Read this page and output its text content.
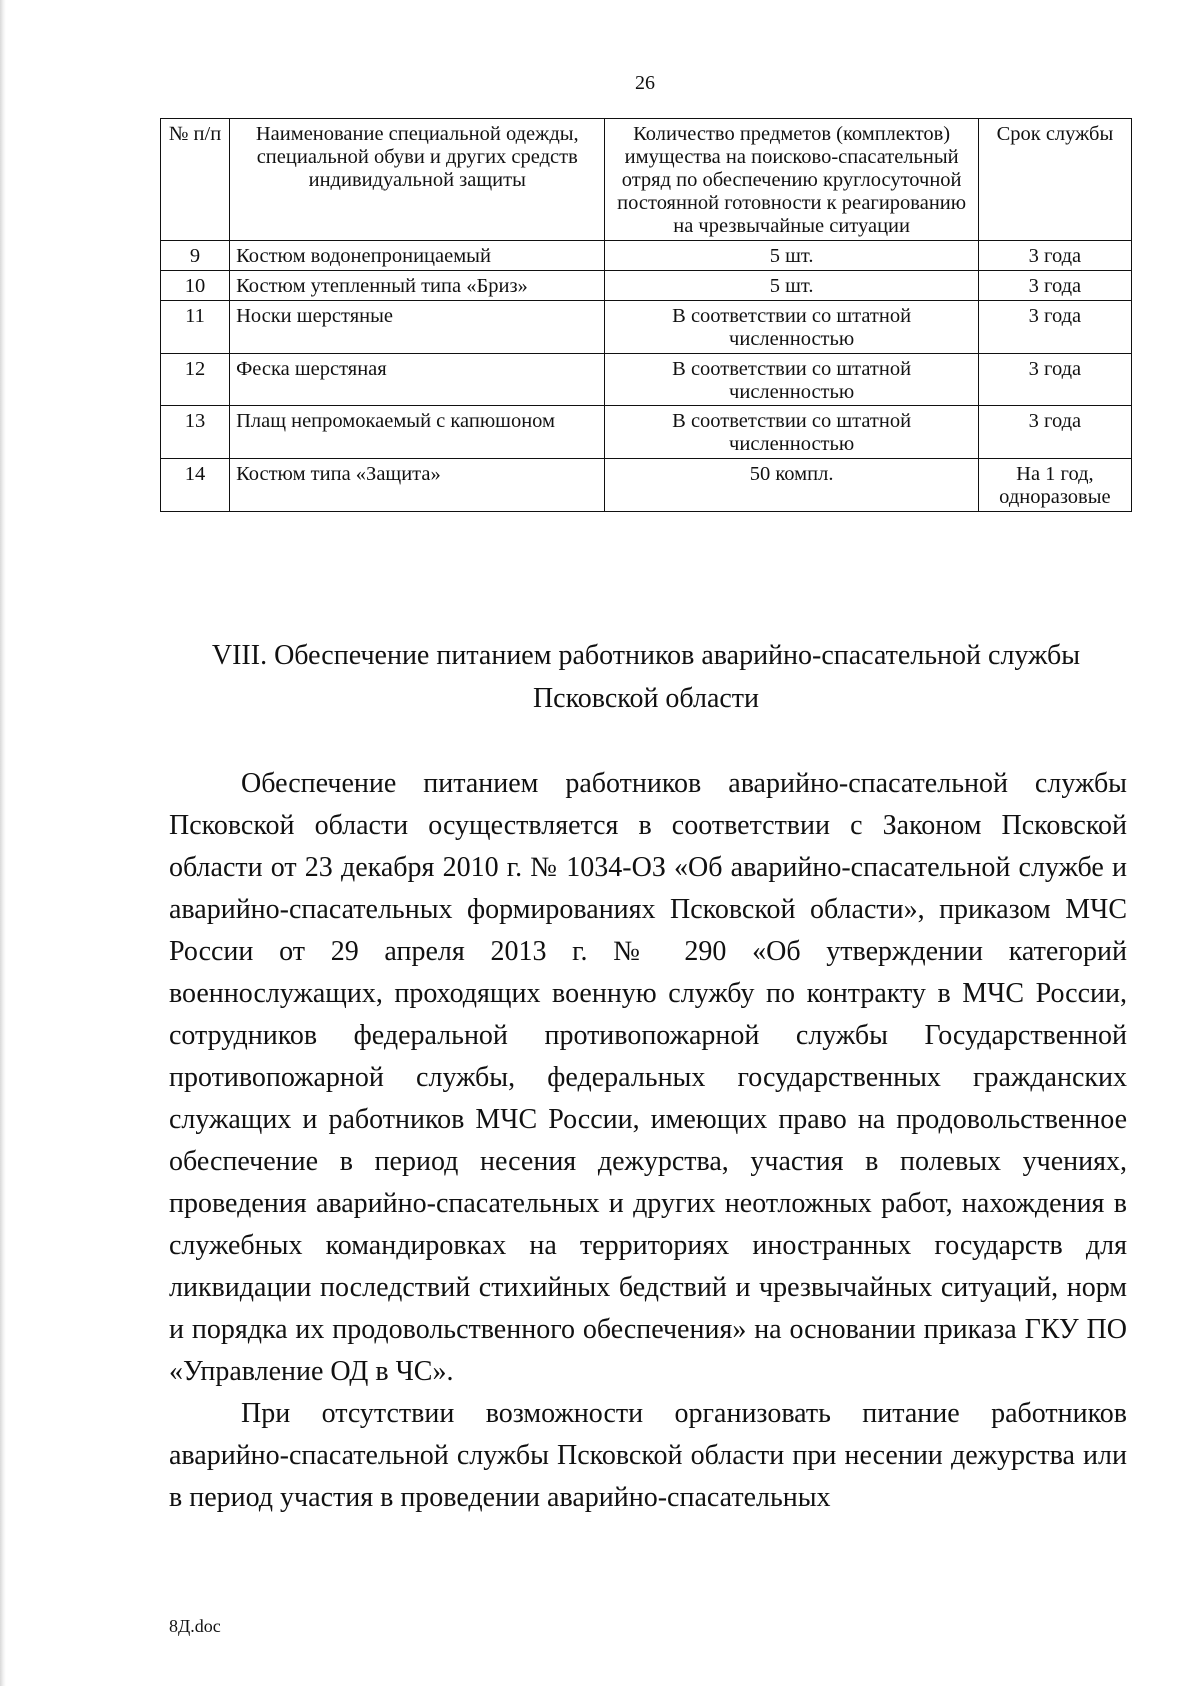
26
№ п/п	Наименование специальной одежды, специальной обуви и других средств индивидуальной защиты	Количество предметов (комплектов) имущества на поисково-спасательный отряд по обеспечению круглосуточной постоянной готовности к реагированию на чрезвычайные ситуации	Срок службы
9	Костюм водонепроницаемый	5 шт.	3 года
10	Костюм утепленный типа «Бриз»	5 шт.	3 года
11	Носки шерстяные	В соответствии со штатной численностью	3 года
12	Феска шерстяная	В соответствии со штатной численностью	3 года
13	Плащ непромокаемый с капюшоном	В соответствии со штатной численностью	3 года
14	Костюм типа «Защита»	50 компл.	На 1 год, одноразовые
VIII. Обеспечение питанием работников аварийно-спасательной службы
Псковской области

Обеспечение питанием работников аварийно-спасательной службы Псковской области осуществляется в соответствии с Законом Псковской области от 23 декабря 2010 г. № 1034-ОЗ «Об аварийно-спасательной службе и аварийно-спасательных формированиях Псковской области», приказом МЧС России от 29 апреля 2013 г. № 290 «Об утверждении категорий военнослужащих, проходящих военную службу по контракту в МЧС России, сотрудников федеральной противопожарной службы Государственной противопожарной службы, федеральных государственных гражданских служащих и работников МЧС России, имеющих право на продовольственное обеспечение в период несения дежурства, участия в полевых учениях, проведения аварийно-спасательных и других неотложных работ, нахождения в служебных командировках на территориях иностранных государств для ликвидации последствий стихийных бедствий и чрезвычайных ситуаций, норм и порядка их продовольственного обеспечения» на основании приказа ГКУ ПО «Управление ОД в ЧС».

При отсутствии возможности организовать питание работников аварийно-спасательной службы Псковской области при несении дежурства или в период участия в проведении аварийно-спасательных

8Д.doc
